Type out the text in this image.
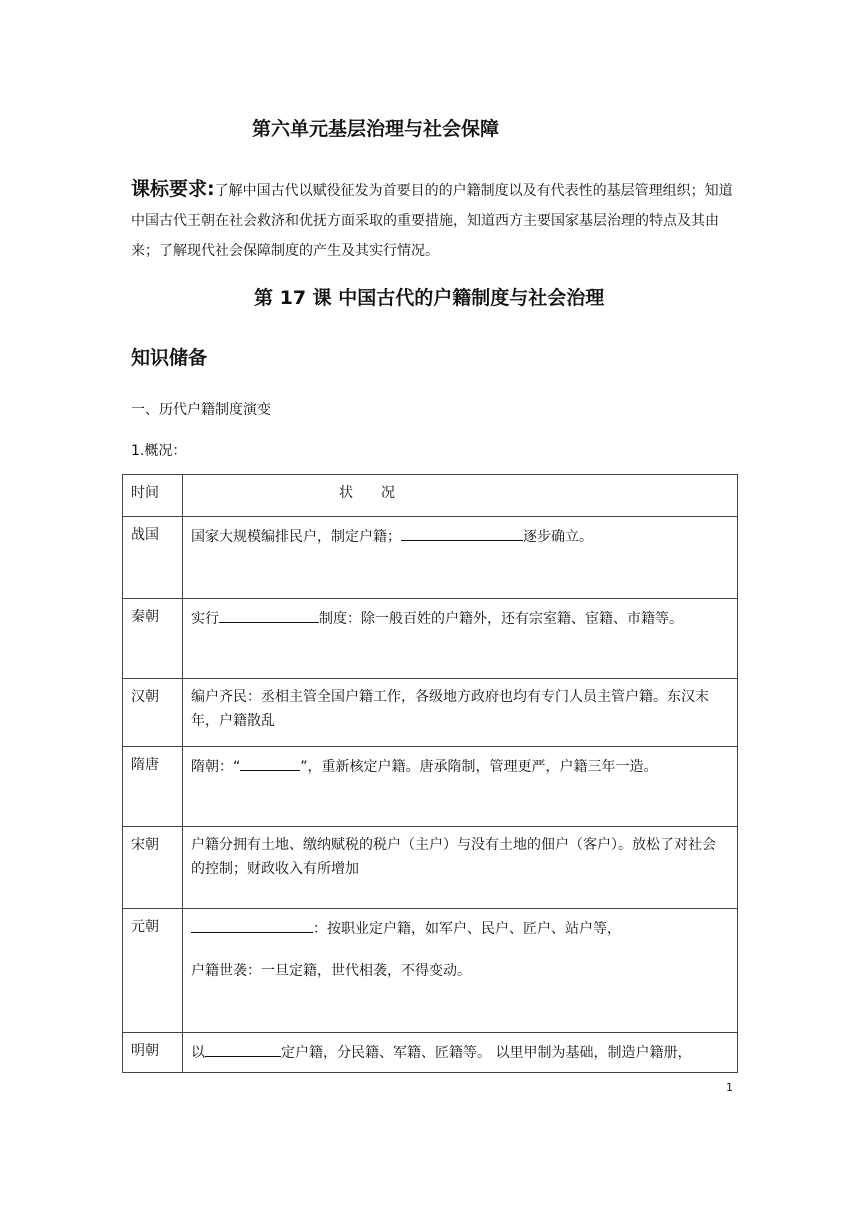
第六单元基层治理与社会保障
课标要求:了解中国古代以赋役征发为首要目的的户籍制度以及有代表性的基层管理组织；知道中国古代王朝在社会救济和优抚方面采取的重要措施，知道西方主要国家基层治理的特点及其由来；了解现代社会保障制度的产生及其实行情况。
第 17 课 中国古代的户籍制度与社会治理
知识储备
一、历代户籍制度演变
1.概况：
时间	状　　况
战国	国家大规模编排民户，制定户籍； 逐步确立。
秦朝	实行 制度：除一般百姓的户籍外，还有宗室籍、宦籍、市籍等。
汉朝	编户齐民：丞相主管全国户籍工作，各级地方政府也均有专门人员主管户籍。东汉末年，户籍散乱
隋唐	隋朝：“ ”，重新核定户籍。唐承隋制，管理更严，户籍三年一造。
宋朝	户籍分拥有土地、缴纳赋税的税户（主户）与没有土地的佃户（客户）。放松了对社会的控制；财政收入有所增加
元朝	：按职业定户籍，如军户、民户、匠户、站户等，

户籍世袭：一旦定籍，世代相袭，不得变动。

明朝	以 定户籍，分民籍、军籍、匠籍等。 以里甲制为基础，制造户籍册，
1
